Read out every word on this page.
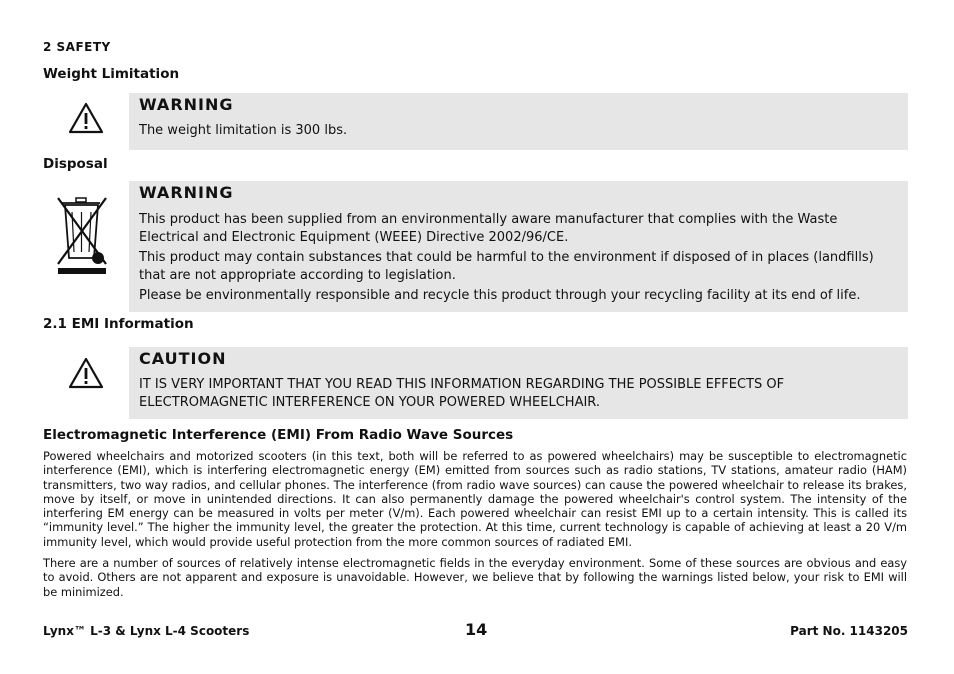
2 SAFETY
Weight Limitation
WARNING
The weight limitation is 300 lbs.
Disposal
WARNING

This product has been supplied from an environmentally aware manufacturer that complies with the Waste Electrical and Electronic Equipment (WEEE) Directive 2002/96/CE.

This product may contain substances that could be harmful to the environment if disposed of in places (landfills) that are not appropriate according to legislation.

Please be environmentally responsible and recycle this product through your recycling facility at its end of life.

2.1 EMI Information
CAUTION
IT IS VERY IMPORTANT THAT YOU READ THIS INFORMATION REGARDING THE POSSIBLE EFFECTS OF ELECTROMAGNETIC INTERFERENCE ON YOUR POWERED WHEELCHAIR.
Electromagnetic Interference (EMI) From Radio Wave Sources
Powered wheelchairs and motorized scooters (in this text, both will be referred to as powered wheelchairs) may be susceptible to electromagnetic interference (EMI), which is interfering electromagnetic energy (EM) emitted from sources such as radio stations, TV stations, amateur radio (HAM) transmitters, two way radios, and cellular phones. The interference (from radio wave sources) can cause the powered wheelchair to release its brakes, move by itself, or move in unintended directions. It can also permanently damage the powered wheelchair's control system. The intensity of the interfering EM energy can be measured in volts per meter (V/m). Each powered wheelchair can resist EMI up to a certain intensity. This is called its “immunity level.” The higher the immunity level, the greater the protection. At this time, current technology is capable of achieving at least a 20 V/m immunity level, which would provide useful protection from the more common sources of radiated EMI.
There are a number of sources of relatively intense electromagnetic fields in the everyday environment. Some of these sources are obvious and easy to avoid. Others are not apparent and exposure is unavoidable. However, we believe that by following the warnings listed below, your risk to EMI will be minimized.
Lynx™ L-3 & Lynx L-4 Scooters	14	Part No. 1143205
